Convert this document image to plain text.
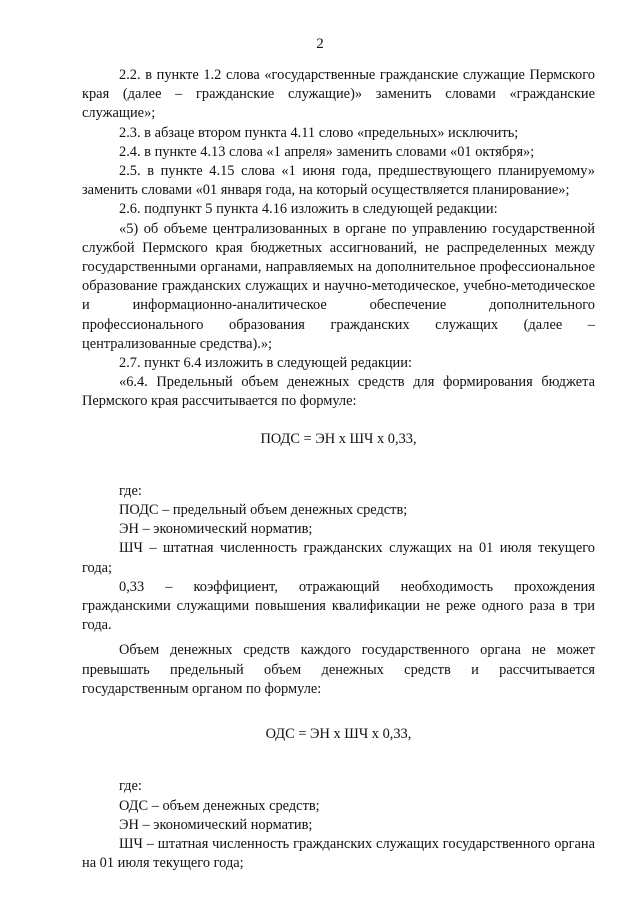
2

2.2. в пункте 1.2 слова «государственные гражданские служащие Пермского края (далее – гражданские служащие)» заменить словами «гражданские служащие»;

2.3. в абзаце втором пункта 4.11 слово «предельных» исключить;

2.4. в пункте 4.13 слова «1 апреля» заменить словами «01 октября»;

2.5. в пункте 4.15 слова «1 июня года, предшествующего планируемому» заменить словами «01 января года, на который осуществляется планирование»;

2.6. подпункт 5 пункта 4.16 изложить в следующей редакции:

«5) об объеме централизованных в органе по управлению государственной службой Пермского края бюджетных ассигнований, не распределенных между государственными органами, направляемых на дополнительное профессиональное образование гражданских служащих и научно-методическое, учебно-методическое и информационно-аналитическое обеспечение дополнительного профессионального образования гражданских служащих (далее – централизованные средства).»;

2.7. пункт 6.4 изложить в следующей редакции:

«6.4. Предельный объем денежных средств для формирования бюджета Пермского края рассчитывается по формуле:

ПОДС = ЭН х ШЧ х 0,33,

где:

ПОДС – предельный объем денежных средств;

ЭН – экономический норматив;

ШЧ – штатная численность гражданских служащих на 01 июля текущего года;

0,33 – коэффициент, отражающий необходимость прохождения гражданскими служащими повышения квалификации не реже одного раза в три года.

Объем денежных средств каждого государственного органа не может превышать предельный объем денежных средств и рассчитывается государственным органом по формуле:

ОДС = ЭН х ШЧ х 0,33,

где:

ОДС – объем денежных средств;

ЭН – экономический норматив;

ШЧ – штатная численность гражданских служащих государственного органа на 01 июля текущего года;
